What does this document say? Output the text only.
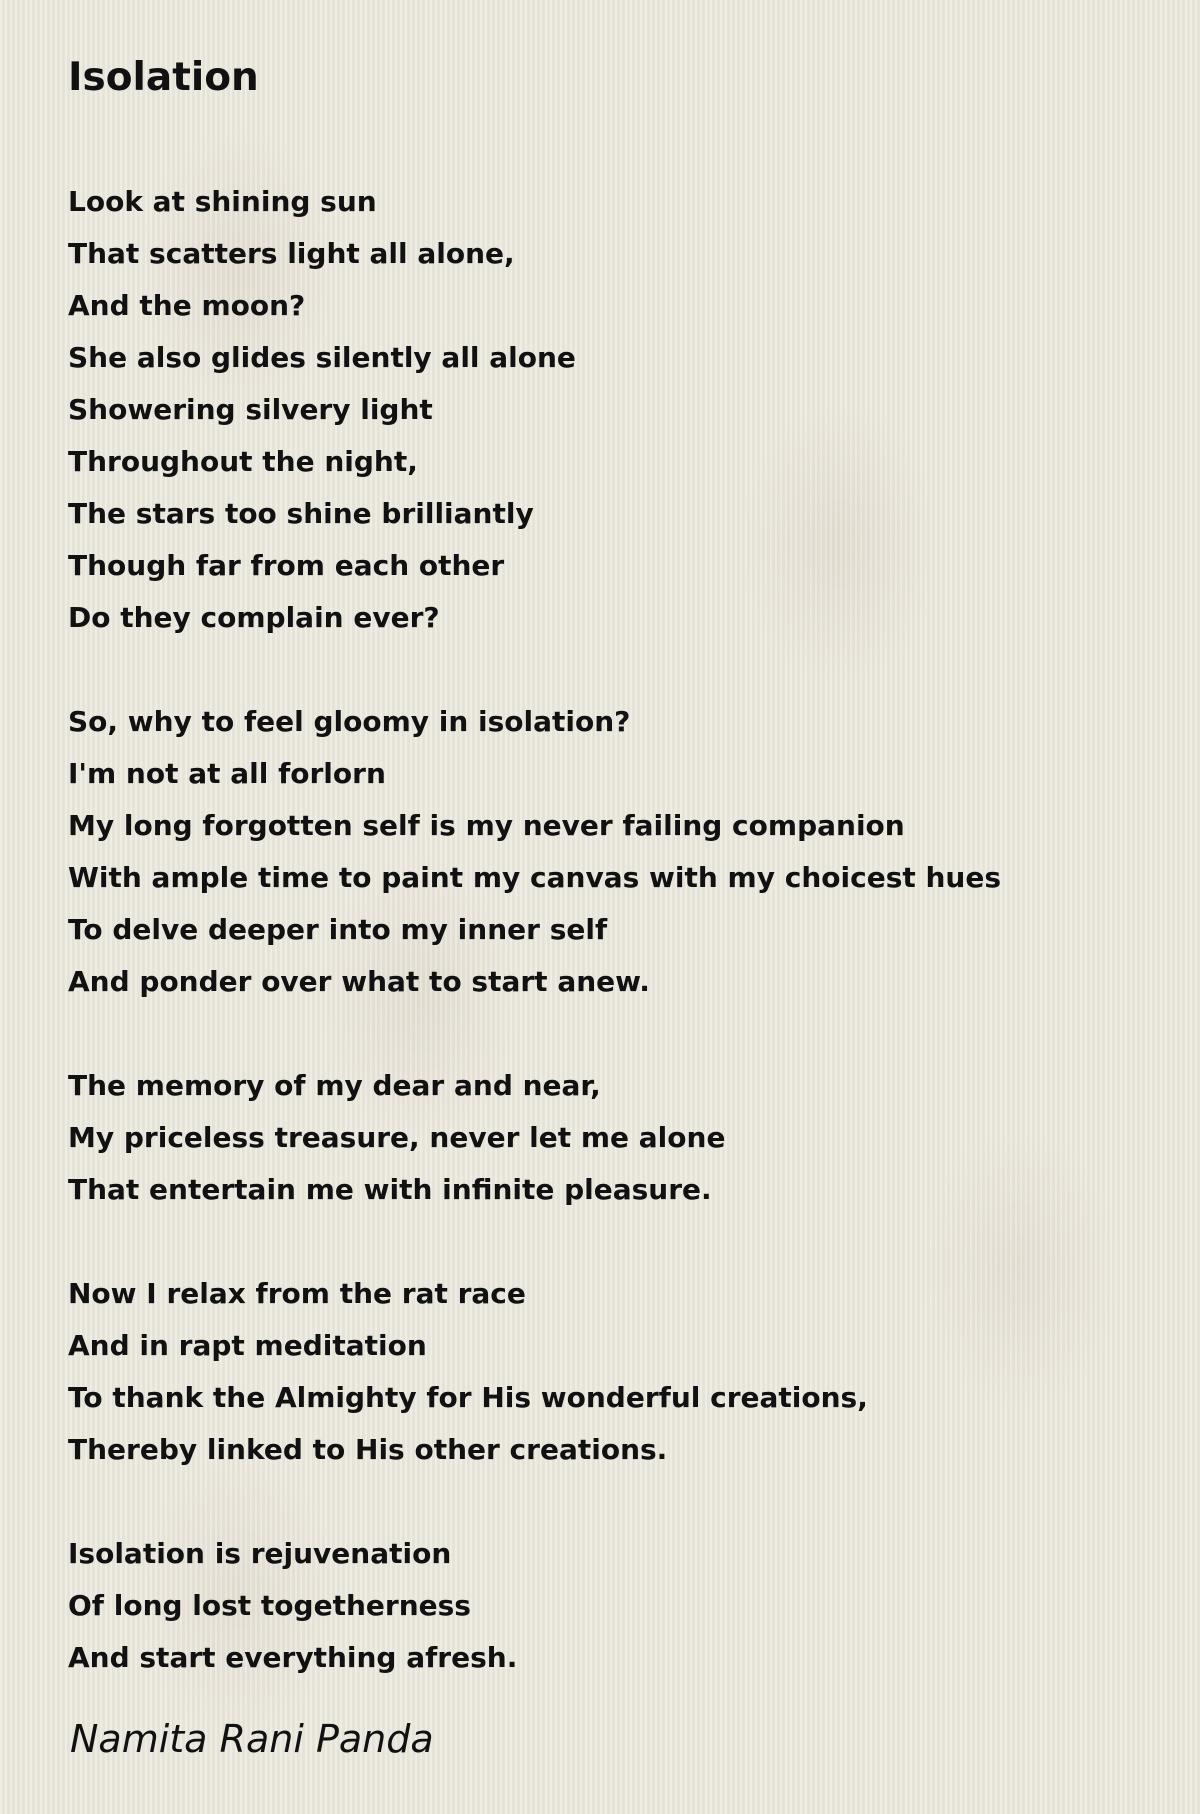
Isolation
Look at shining sun
That scatters light all alone,
And the moon?
She also glides silently all alone
Showering silvery light
Throughout the night,
The stars too shine brilliantly
Though far from each other
Do they complain ever?
So, why to feel gloomy in isolation?
I'm not at all forlorn
My long forgotten self is my never failing companion
With ample time to paint my canvas with my choicest hues
To delve deeper into my inner self
And ponder over what to start anew.
The memory of my dear and near,
My priceless treasure, never let me alone
That entertain me with infinite pleasure.
Now I relax from the rat race
And in rapt meditation
To thank the Almighty for His wonderful creations,
Thereby linked to His other creations.
Isolation is rejuvenation
Of long lost togetherness
And start everything afresh.

Namita Rani Panda
